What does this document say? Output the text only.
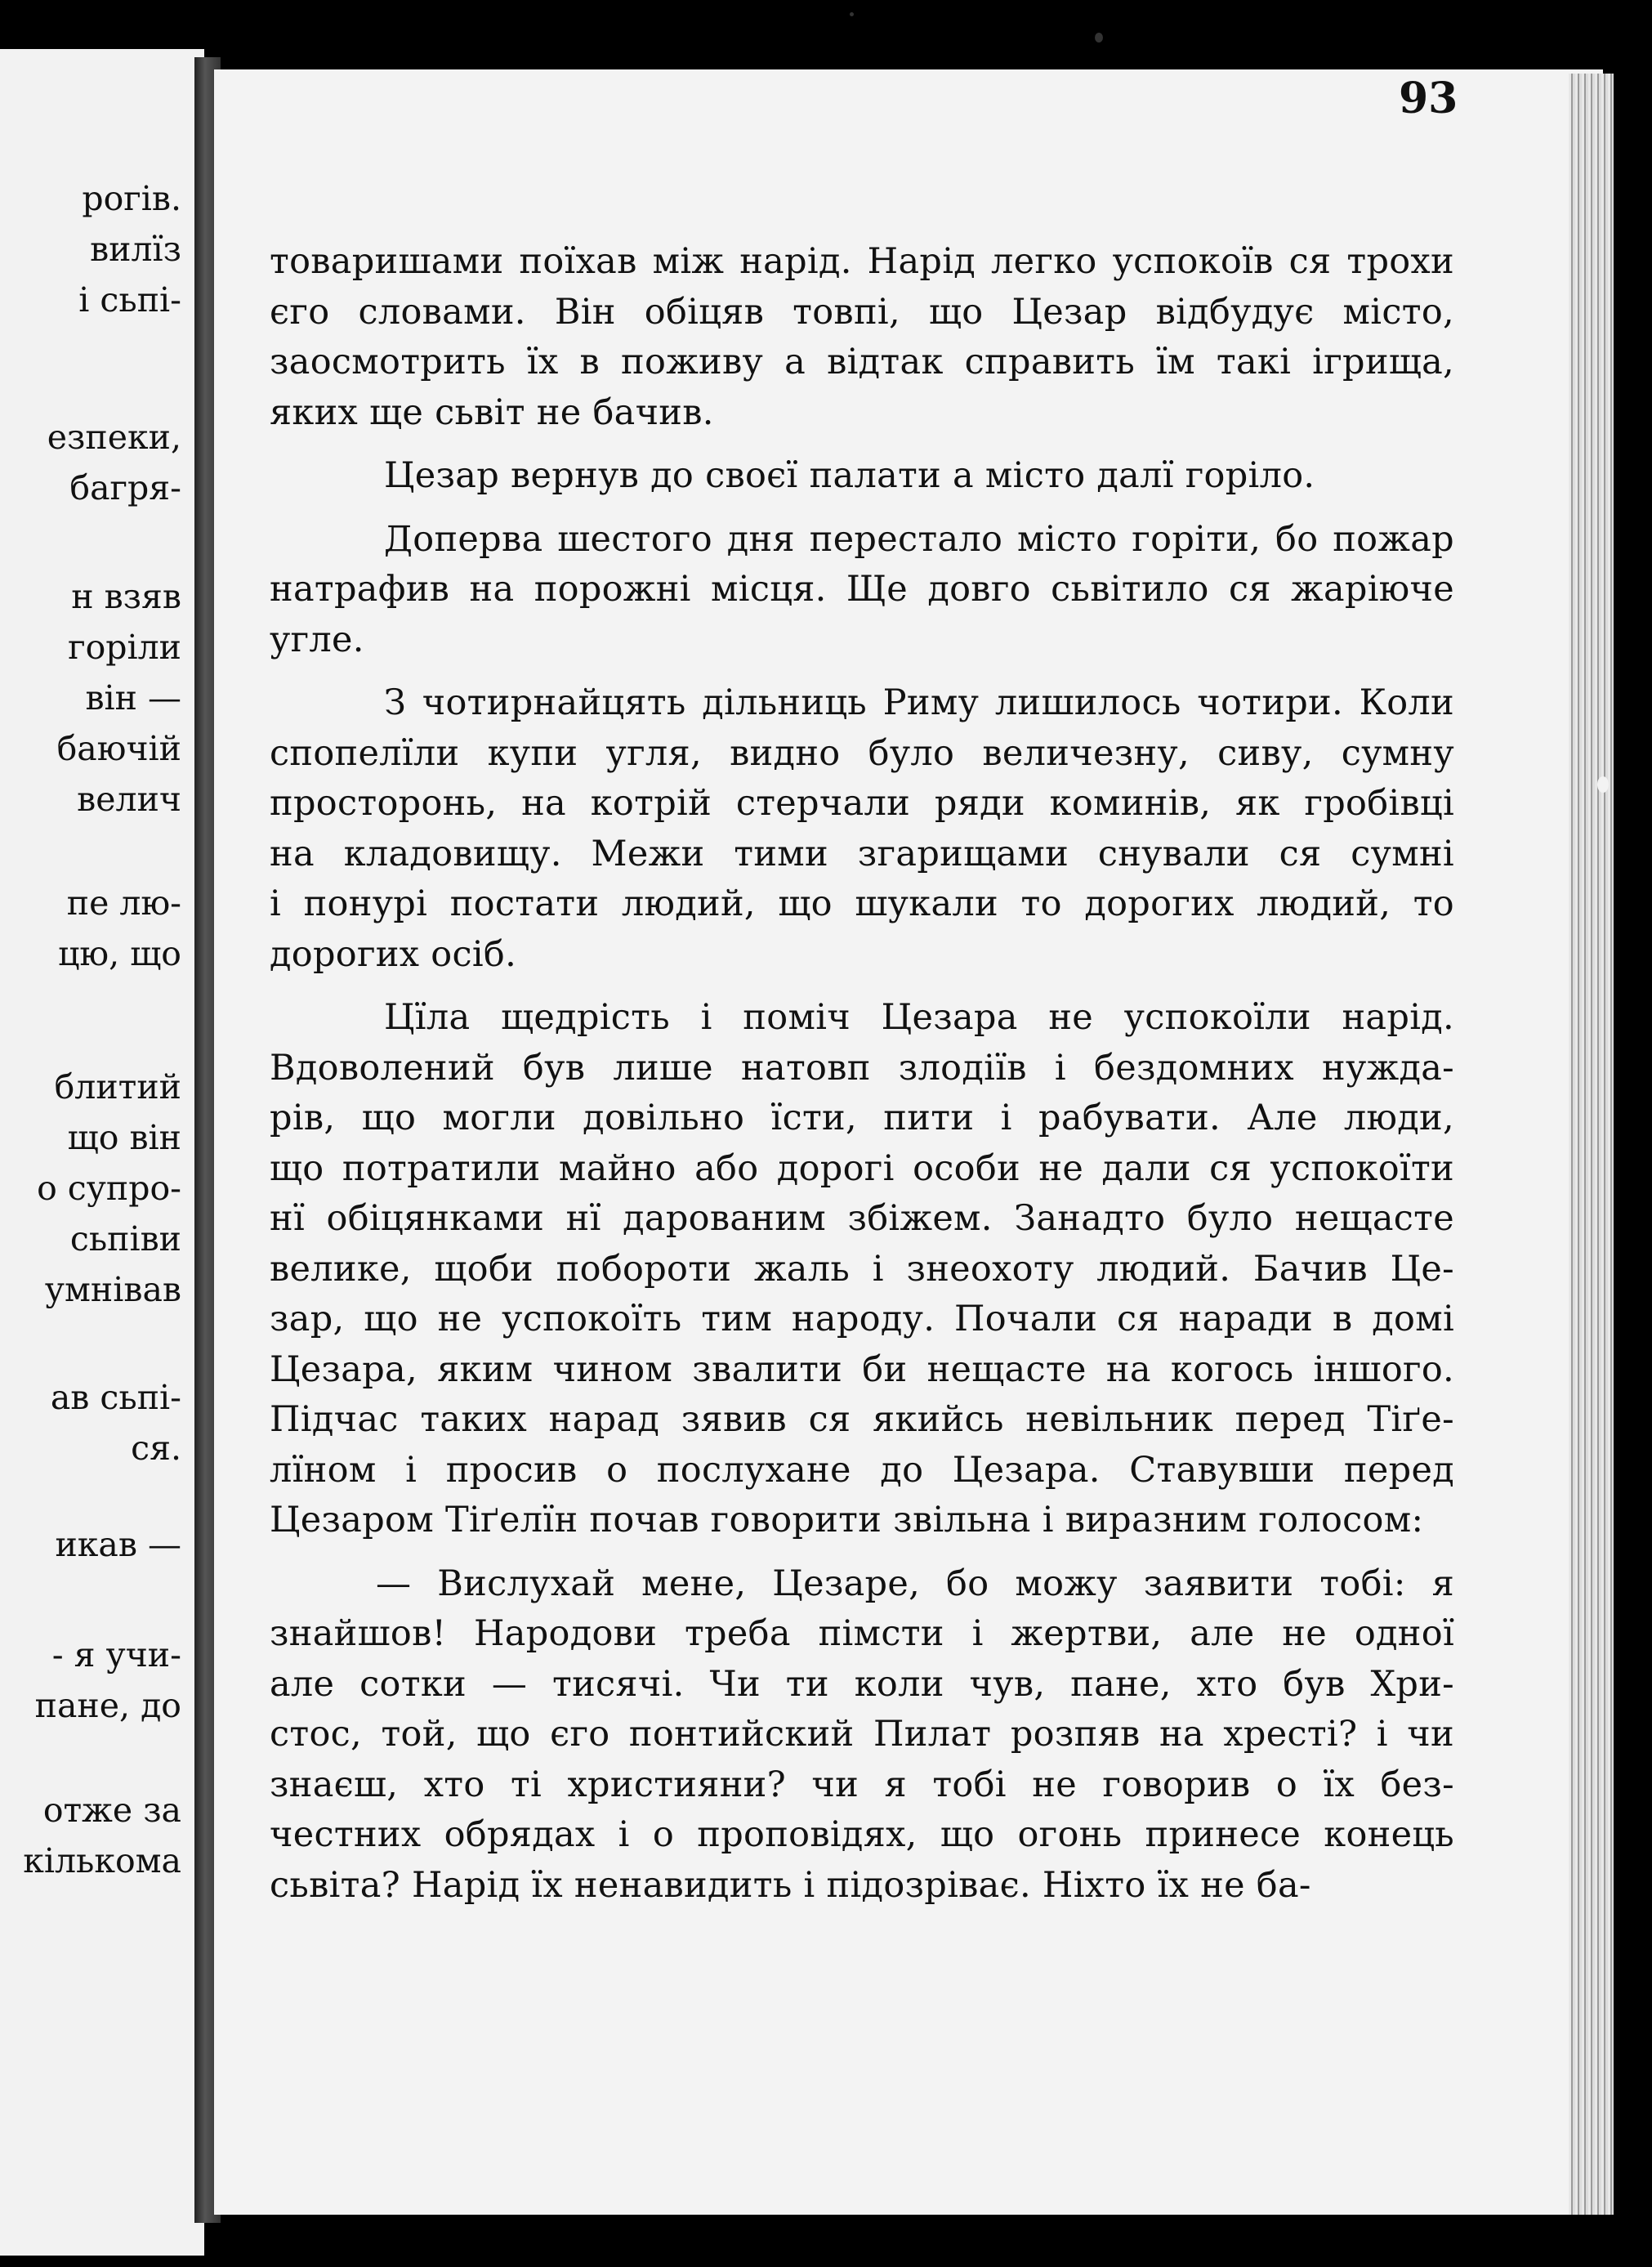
рогів.
вилїз
і сьпі-
езпеки,
багря-
н взяв
горіли
він —
баючій
велич
пе лю-
цю, що
блитий
що він
о супро-
сьпіви
умнівав
ав сьпі-
ся.
икав —
- я учи-
пане, до
отже за
кількома
93
товаришами поїхав між нарід. Нарід легко успокоїв ся трохи
єго словами. Він обіцяв товпі, що Цезар відбудує місто,
заосмотрить їх в поживу а відтак справить їм такі ігрища,
яких ще сьвіт не бачив.
Цезар вернув до своєї палати а місто далї горіло.
Доперва шестого дня перестало місто горіти, бо пожар
натрафив на порожні місця. Ще довго сьвітило ся жаріюче
угле.
З чотирнайцять дільниць Риму лишилось чотири. Коли
спопелїли купи угля, видно було величезну, сиву, сумну
просторонь, на котрій стерчали ряди коминів, як гробівці
на кладовищу. Межи тими згарищами снували ся сумні
і понурі постати людий, що шукали то дорогих людий, то
дорогих осіб.
Цїла щедрість і поміч Цезара не успокоїли нарід.
Вдоволений був лише натовп злодіїв і бездомних нужда-
рів, що могли довільно їсти, пити і рабувати. Але люди,
що потратили майно або дорогі особи не дали ся успокоїти
нї обіцянками нї дарованим збіжем. Занадто було нещасте
велике, щоби побороти жаль і знеохоту людий. Бачив Це-
зар, що не успокоїть тим народу. Почали ся наради в домі
Цезара, яким чином звалити би нещасте на когось іншого.
Підчас таких нарад зявив ся якийсь невільник перед Тіґе-
лїном і просив о послухане до Цезара. Ставувши перед
Цезаром Тіґелїн почав говорити звільна і виразним голосом:
— Вислухай мене, Цезаре, бо можу заявити тобі: я
знайшов! Народови треба пімсти і жертви, але не одної
але сотки — тисячі. Чи ти коли чув, пане, хто був Хри-
стос, той, що єго понтийский Пилат розпяв на хресті? і чи
знаєш, хто ті християни? чи я тобі не говорив о їх без-
честних обрядах і о проповідях, що огонь принесе конець
сьвіта? Нарід їх ненавидить і підозріває. Ніхто їх не ба-
